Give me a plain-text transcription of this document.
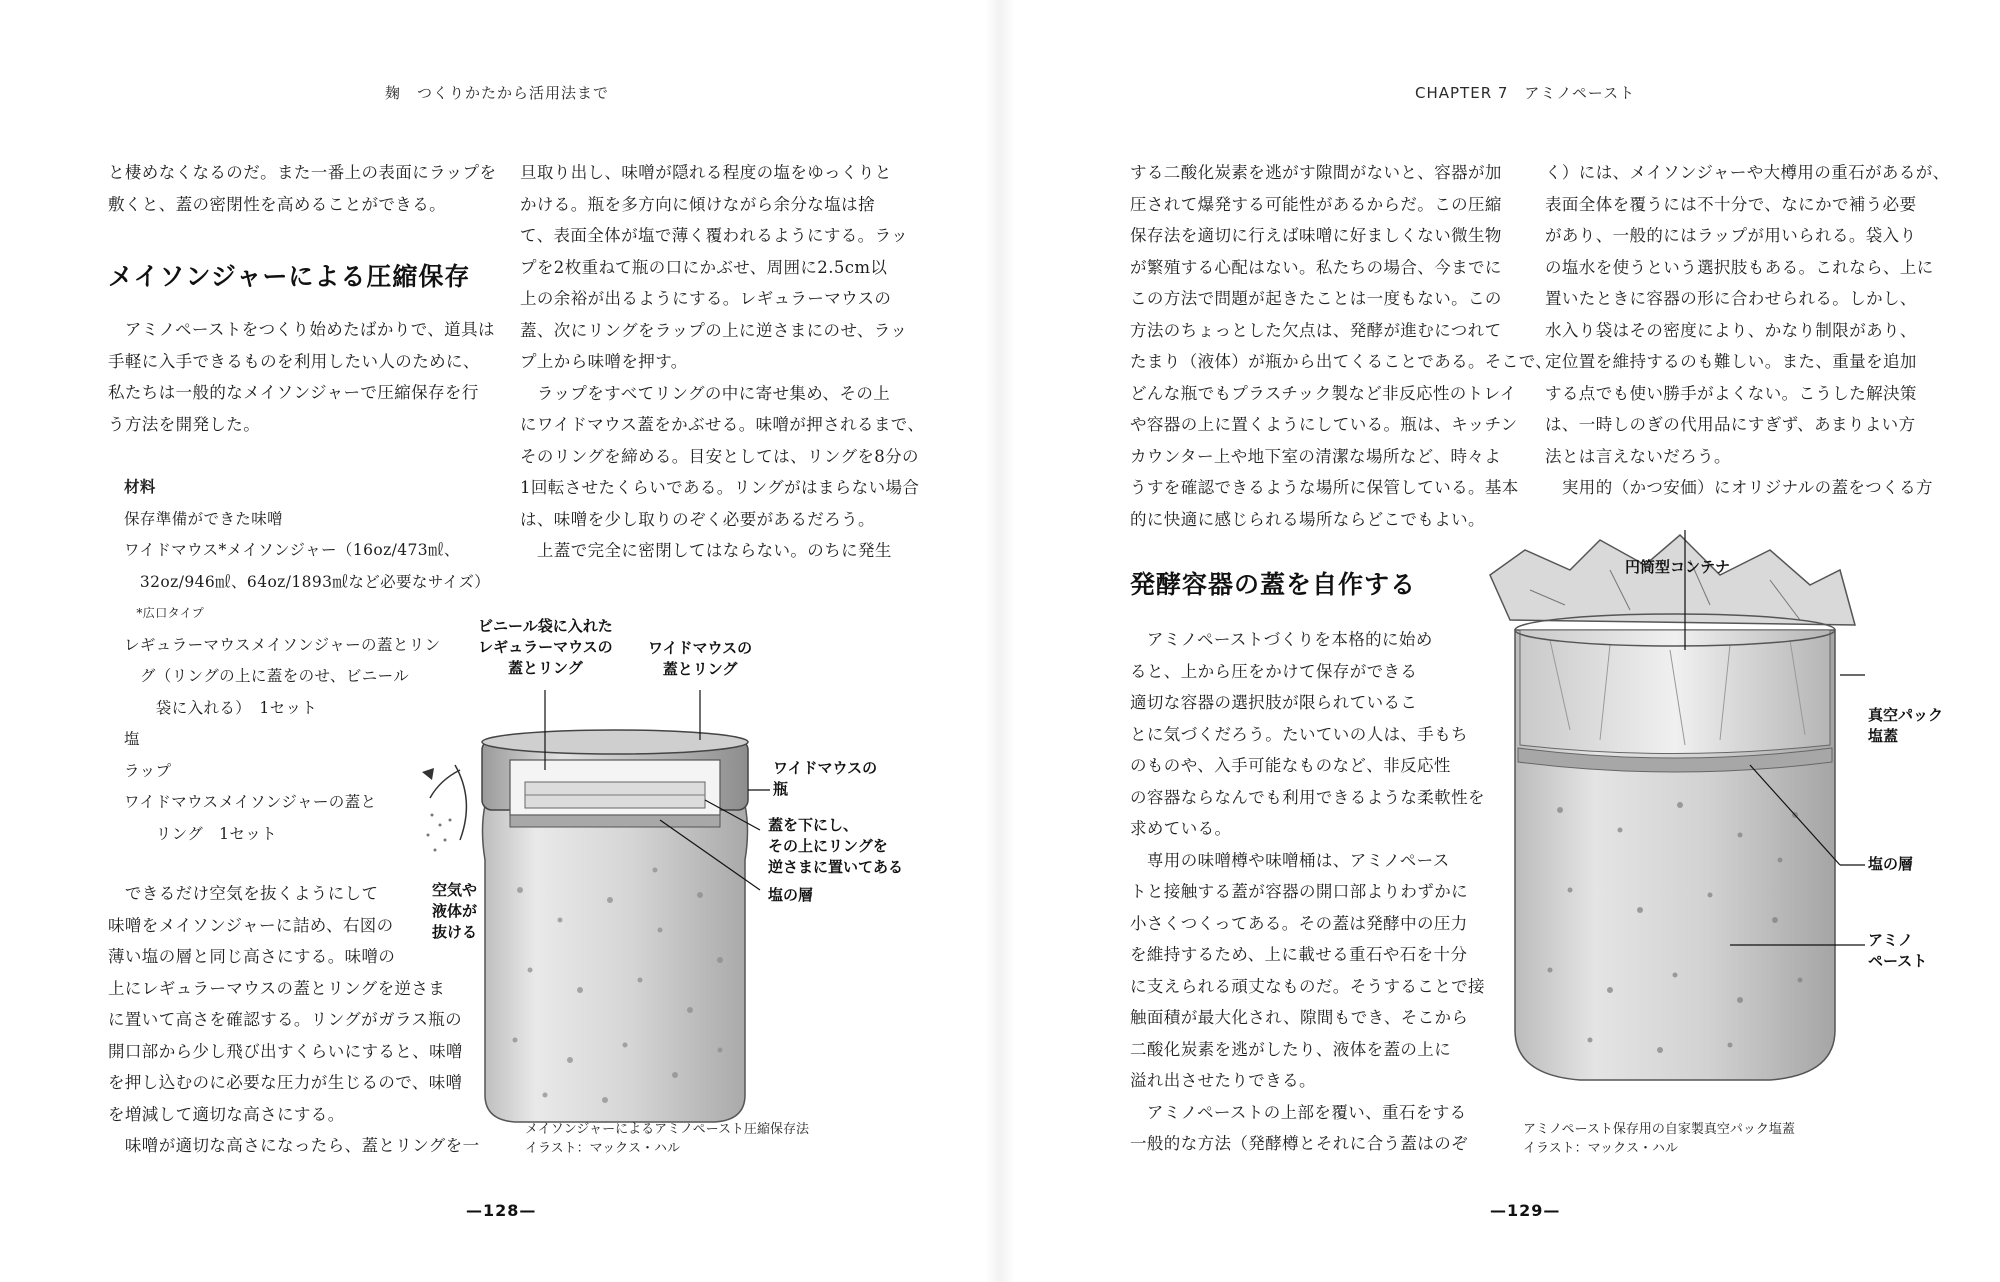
麹　つくりかたから活用法まで

と棲めなくなるのだ。また一番上の表面にラップを

敷くと、蓋の密閉性を高めることができる。

メイソンジャーによる圧縮保存

　アミノペーストをつくり始めたばかりで、道具は

手軽に入手できるものを利用したい人のために、

私たちは一般的なメイソンジャーで圧縮保存を行

う方法を開発した。

材料

保存準備ができた味噌

ワイドマウス*メイソンジャー（16oz/473㎖、

　32oz/946㎖、64oz/1893㎖など必要なサイズ）

　*広口タイプ

レギュラーマウスメイソンジャーの蓋とリン

　グ（リングの上に蓋をのせ、ビニール

　　袋に入れる）　1セット

塩

ラップ

ワイドマウスメイソンジャーの蓋と

　　リング　1セット

　できるだけ空気を抜くようにして

味噌をメイソンジャーに詰め、右図の

薄い塩の層と同じ高さにする。味噌の

上にレギュラーマウスの蓋とリングを逆さま

に置いて高さを確認する。リングがガラス瓶の

開口部から少し飛び出すくらいにすると、味噌

を押し込むのに必要な圧力が生じるので、味噌

を増減して適切な高さにする。

　味噌が適切な高さになったら、蓋とリングを一

旦取り出し、味噌が隠れる程度の塩をゆっくりと

かける。瓶を多方向に傾けながら余分な塩は捨

て、表面全体が塩で薄く覆われるようにする。ラッ

プを2枚重ねて瓶の口にかぶせ、周囲に2.5cm以

上の余裕が出るようにする。レギュラーマウスの

蓋、次にリングをラップの上に逆さまにのせ、ラッ

プ上から味噌を押す。

　ラップをすべてリングの中に寄せ集め、その上

にワイドマウス蓋をかぶせる。味噌が押されるまで、

そのリングを締める。目安としては、リングを8分の

1回転させたくらいである。リングがはまらない場合

は、味噌を少し取りのぞく必要があるだろう。

　上蓋で完全に密閉してはならない。のちに発生

ビニール袋に入れた
レギュラーマウスの
蓋とリング
ワイドマウスの
蓋とリング
ワイドマウスの
瓶
蓋を下にし、
その上にリングを
逆さまに置いてある
塩の層
空気や
液体が
抜ける
メイソンジャーによるアミノペースト圧縮保存法
イラスト：マックス・ハル
—128—
CHAPTER 7　アミノペースト

する二酸化炭素を逃がす隙間がないと、容器が加

圧されて爆発する可能性があるからだ。この圧縮

保存法を適切に行えば味噌に好ましくない微生物

が繁殖する心配はない。私たちの場合、今までに

この方法で問題が起きたことは一度もない。この

方法のちょっとした欠点は、発酵が進むにつれて

たまり（液体）が瓶から出てくることである。そこで、

どんな瓶でもプラスチック製など非反応性のトレイ

や容器の上に置くようにしている。瓶は、キッチン

カウンター上や地下室の清潔な場所など、時々よ

うすを確認できるような場所に保管している。基本

的に快適に感じられる場所ならどこでもよい。

発酵容器の蓋を自作する

　アミノペーストづくりを本格的に始め

ると、上から圧をかけて保存ができる

適切な容器の選択肢が限られているこ

とに気づくだろう。たいていの人は、手もち

のものや、入手可能なものなど、非反応性

の容器ならなんでも利用できるような柔軟性を

求めている。

　専用の味噌樽や味噌桶は、アミノペース

トと接触する蓋が容器の開口部よりわずかに

小さくつくってある。その蓋は発酵中の圧力

を維持するため、上に載せる重石や石を十分

に支えられる頑丈なものだ。そうすることで接

触面積が最大化され、隙間もでき、そこから

二酸化炭素を逃がしたり、液体を蓋の上に

溢れ出させたりできる。

　アミノペーストの上部を覆い、重石をする

一般的な方法（発酵樽とそれに合う蓋はのぞ

く）には、メイソンジャーや大樽用の重石があるが、

表面全体を覆うには不十分で、なにかで補う必要

があり、一般的にはラップが用いられる。袋入り

の塩水を使うという選択肢もある。これなら、上に

置いたときに容器の形に合わせられる。しかし、

水入り袋はその密度により、かなり制限があり、

定位置を維持するのも難しい。また、重量を追加

する点でも使い勝手がよくない。こうした解決策

は、一時しのぎの代用品にすぎず、あまりよい方

法とは言えないだろう。

　実用的（かつ安価）にオリジナルの蓋をつくる方

円筒型コンテナ
真空パック
塩蓋
塩の層
アミノ
ペースト
アミノペースト保存用の自家製真空パック塩蓋
イラスト：マックス・ハル
—129—
